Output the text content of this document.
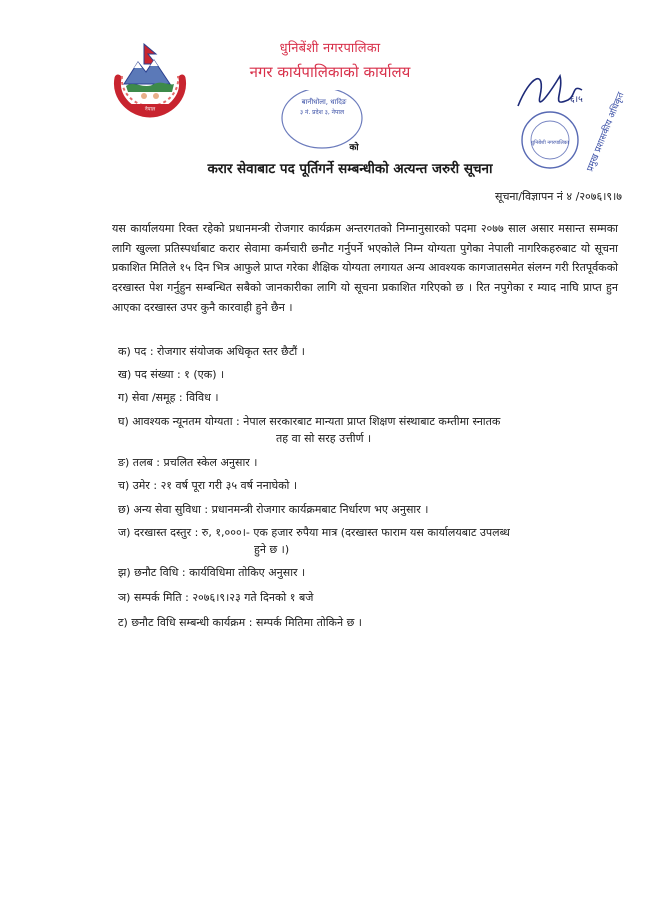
नेपाल
धुनिबेंशी नगरपालिका
नगर कार्यपालिकाको कार्यालय
बानीधोला, धादिङ
३ नं. प्रदेश ३, नेपाल
को	धुनिबेंशी नगरपालिका
६।५ प्रमुख प्रशासकीय अधिकृत
करार सेवाबाट पद पूर्तिगर्ने सम्बन्धीको अत्यन्त जरुरी सूचना
सूचना/विज्ञापन नं ४ /२०७६।९।७

यस कार्यालयमा रिक्त रहेको प्रधानमन्त्री रोजगार कार्यक्रम अन्तरगतको निम्नानुसारको पदमा २०७७ साल असार मसान्त सम्मका लागि खुल्ला प्रतिस्पर्धाबाट करार सेवामा कर्मचारी छनौट गर्नुपर्ने भएकोले निम्न योग्यता पुगेका नेपाली नागरिकहरुबाट यो सूचना प्रकाशित मितिले १५ दिन भित्र आफुले प्राप्त गरेका शैक्षिक योग्यता लगायत अन्य आवश्यक कागजातसमेत संलग्न गरी रितपूर्वकको दरखास्त पेश गर्नुहुन सम्बन्धित सबैको जानकारीका लागि यो सूचना प्रकाशित गरिएको छ । रित नपुगेका र म्याद नाघि प्राप्त हुन आएका दरखास्त उपर कुनै कारवाही हुने छैन ।

क) पद : रोजगार संयोजक अधिकृत स्तर छैटौं ।
ख) पद संख्या : १ (एक) ।
ग) सेवा /समूह : विविध ।
घ) आवश्यक न्यूनतम योग्यता : नेपाल सरकारबाट मान्यता प्राप्त शिक्षण संस्थाबाट कम्तीमा स्नातक
तह वा सो सरह उत्तीर्ण ।
ङ) तलब : प्रचलित स्केल अनुसार ।
च) उमेर : २१ वर्ष पूरा गरी ३५ वर्ष ननाघेको ।
छ) अन्य सेवा सुविधा : प्रधानमन्त्री रोजगार कार्यक्रमबाट निर्धारण भए अनुसार ।
ज) दरखास्त दस्तुर : रु, १,०००।- एक हजार रुपैया मात्र (दरखास्त फाराम यस कार्यालयबाट उपलब्ध
हुने छ ।)
झ) छनौट विधि : कार्यविधिमा तोकिए अनुसार ।
ञ) सम्पर्क मिति : २०७६।९।२३ गते दिनको १ बजे
ट) छनौट विधि सम्बन्धी कार्यक्रम : सम्पर्क मितिमा तोकिने छ ।
